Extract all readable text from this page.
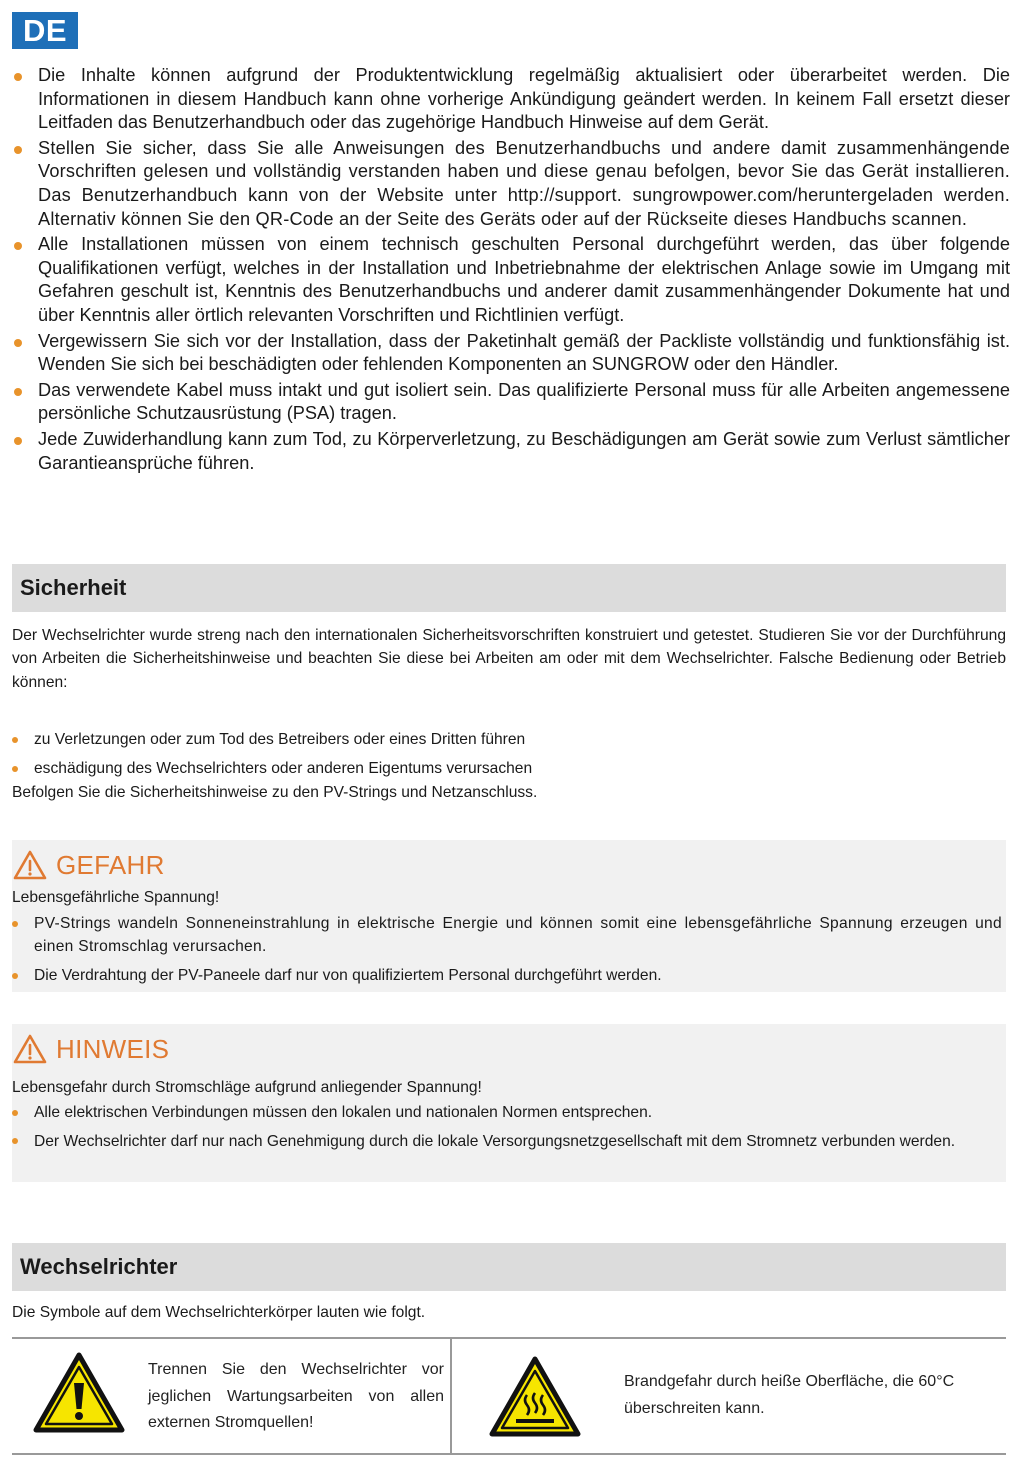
DE
Die Inhalte können aufgrund der Produktentwicklung regelmäßig aktualisiert oder überarbeitet werden. Die Informationen in diesem Handbuch kann ohne vorherige Ankündigung geändert werden. In keinem Fall ersetzt dieser Leitfaden das Benutzerhandbuch oder das zugehörige Handbuch Hinweise auf dem Gerät.
Stellen Sie sicher, dass Sie alle Anweisungen des Benutzerhandbuchs und andere damit zusammenhängende Vorschriften gelesen und vollständig verstanden haben und diese genau befolgen, bevor Sie das Gerät installieren. Das Benutzerhandbuch kann von der Website unter http://support. sungrowpower.com/heruntergeladen werden. Alternativ können Sie den QR-Code an der Seite des Geräts oder auf der Rückseite dieses Handbuchs scannen.
Alle Installationen müssen von einem technisch geschulten Personal durchgeführt werden, das über folgende Qualifikationen verfügt, welches in der Installation und Inbetriebnahme der elektrischen Anlage sowie im Umgang mit Gefahren geschult ist, Kenntnis des Benutzerhandbuchs und anderer damit zusammenhängender Dokumente hat und über Kenntnis aller örtlich relevanten Vorschriften und Richtlinien verfügt.
Vergewissern Sie sich vor der Installation, dass der Paketinhalt gemäß der Packliste vollständig und funktionsfähig ist. Wenden Sie sich bei beschädigten oder fehlenden Komponenten an SUNGROW oder den Händler.
Das verwendete Kabel muss intakt und gut isoliert sein. Das qualifizierte Personal muss für alle Arbeiten angemessene persönliche Schutzausrüstung (PSA) tragen.
Jede Zuwiderhandlung kann zum Tod, zu Körperverletzung, zu Beschädigungen am Gerät sowie zum Verlust sämtlicher Garantieansprüche führen.
Sicherheit

Der Wechselrichter wurde streng nach den internationalen Sicherheitsvorschriften konstruiert und getestet. Studieren Sie vor der Durchführung von Arbeiten die Sicherheitshinweise und beachten Sie diese bei Arbeiten am oder mit dem Wechselrichter. Falsche Bedienung oder Betrieb können:

zu Verletzungen oder zum Tod des Betreibers oder eines Dritten führen
eschädigung des Wechselrichters oder anderen Eigentums verursachen

Befolgen Sie die Sicherheitshinweise zu den PV-Strings und Netzanschluss.

GEFAHR
Lebensgefährliche Spannung!
PV-Strings wandeln Sonneneinstrahlung in elektrische Energie und können somit eine lebensgefährliche Spannung erzeugen und einen Stromschlag verursachen.
Die Verdrahtung der PV-Paneele darf nur von qualifiziertem Personal durchgeführt werden.
HINWEIS
Lebensgefahr durch Stromschläge aufgrund anliegender Spannung!
Alle elektrischen Verbindungen müssen den lokalen und nationalen Normen entsprechen.
Der Wechselrichter darf nur nach Genehmigung durch die lokale Versorgungsnetzgesellschaft mit dem Stromnetz verbunden werden.
Wechselrichter

Die Symbole auf dem Wechselrichterkörper lauten wie folgt.

Trennen Sie den Wechselrichter vor jeglichen Wartungsarbeiten von allen externen Stromquellen!
Brandgefahr durch heiße Oberfläche, die 60°C überschreiten kann.
